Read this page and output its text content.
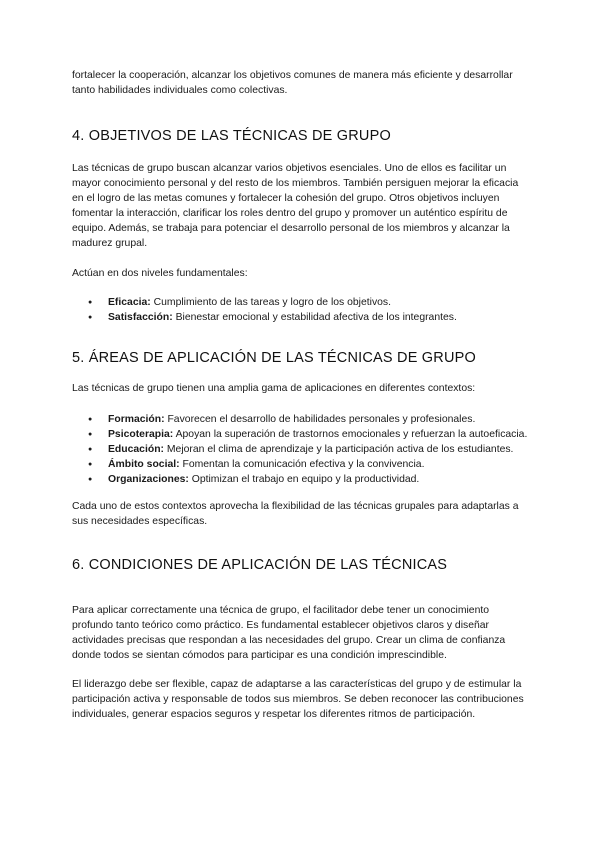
fortalecer la cooperación, alcanzar los objetivos comunes de manera más eficiente y desarrollar tanto habilidades individuales como colectivas.

4. OBJETIVOS DE LAS TÉCNICAS DE GRUPO

Las técnicas de grupo buscan alcanzar varios objetivos esenciales. Uno de ellos es facilitar un mayor conocimiento personal y del resto de los miembros. También persiguen mejorar la eficacia en el logro de las metas comunes y fortalecer la cohesión del grupo. Otros objetivos incluyen fomentar la interacción, clarificar los roles dentro del grupo y promover un auténtico espíritu de equipo. Además, se trabaja para potenciar el desarrollo personal de los miembros y alcanzar la madurez grupal.

Actúan en dos niveles fundamentales:

● Eficacia: Cumplimiento de las tareas y logro de los objetivos.
● Satisfacción: Bienestar emocional y estabilidad afectiva de los integrantes.
5. ÁREAS DE APLICACIÓN DE LAS TÉCNICAS DE GRUPO

Las técnicas de grupo tienen una amplia gama de aplicaciones en diferentes contextos:

● Formación: Favorecen el desarrollo de habilidades personales y profesionales.
● Psicoterapia: Apoyan la superación de trastornos emocionales y refuerzan la autoeficacia.
● Educación: Mejoran el clima de aprendizaje y la participación activa de los estudiantes.
● Ámbito social: Fomentan la comunicación efectiva y la convivencia.
● Organizaciones: Optimizan el trabajo en equipo y la productividad.

Cada uno de estos contextos aprovecha la flexibilidad de las técnicas grupales para adaptarlas a sus necesidades específicas.

6. CONDICIONES DE APLICACIÓN DE LAS TÉCNICAS

Para aplicar correctamente una técnica de grupo, el facilitador debe tener un conocimiento profundo tanto teórico como práctico. Es fundamental establecer objetivos claros y diseñar actividades precisas que respondan a las necesidades del grupo. Crear un clima de confianza donde todos se sientan cómodos para participar es una condición imprescindible.

El liderazgo debe ser flexible, capaz de adaptarse a las características del grupo y de estimular la participación activa y responsable de todos sus miembros. Se deben reconocer las contribuciones individuales, generar espacios seguros y respetar los diferentes ritmos de participación.
